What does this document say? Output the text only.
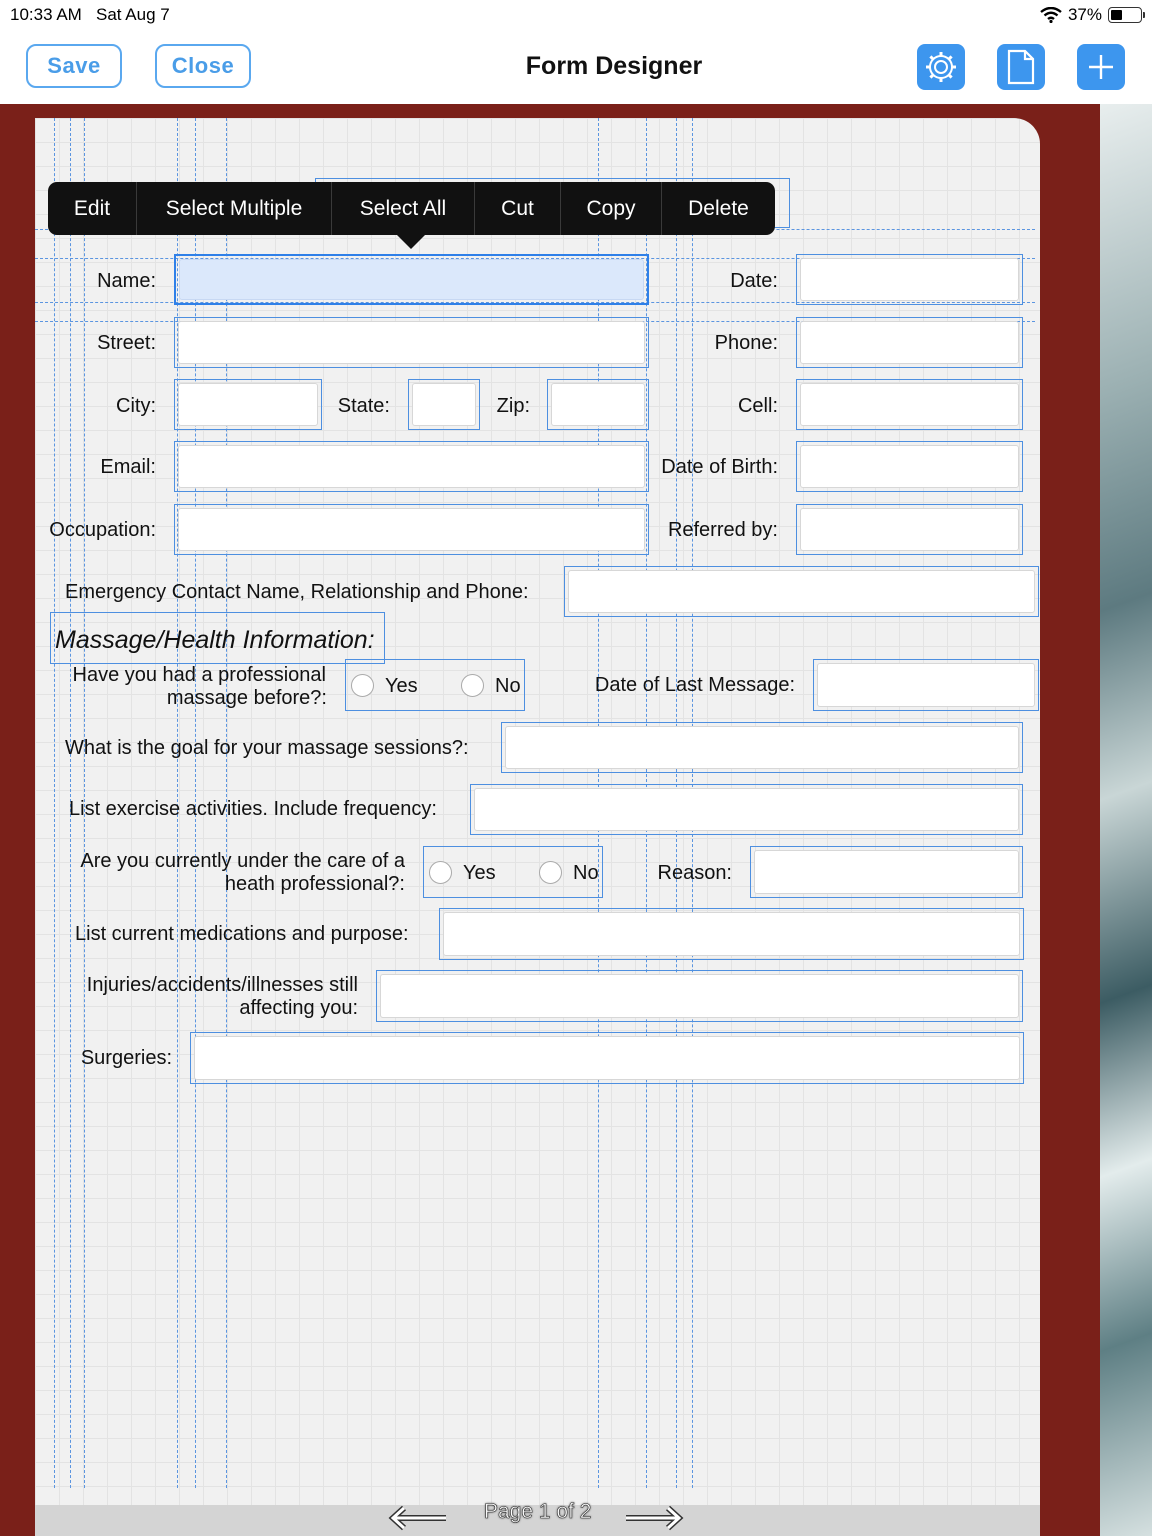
10:33 AM Sat Aug 7	37%
Save	Close	Form Designer
Name:	Date:
Street:	Phone:
City:	State:	Zip:	Cell:
Email:	Date of Birth:
Occupation:	Referred by:
Emergency Contact Name, Relationship and Phone:
Massage/Health Information:
Have you had a professional
massage before?:
Yes	No	Date of Last Message:
What is the goal for your massage sessions?:
List exercise activities. Include frequency:
Are you currently under the care of a
heath professional?:	Yes	No	Reason:
List current medications and purpose:
Injuries/accidents/illnesses still
affecting you:
Surgeries:
Edit	Select Multiple	Select All	Cut	Copy	Delete
Page 1 of 2
